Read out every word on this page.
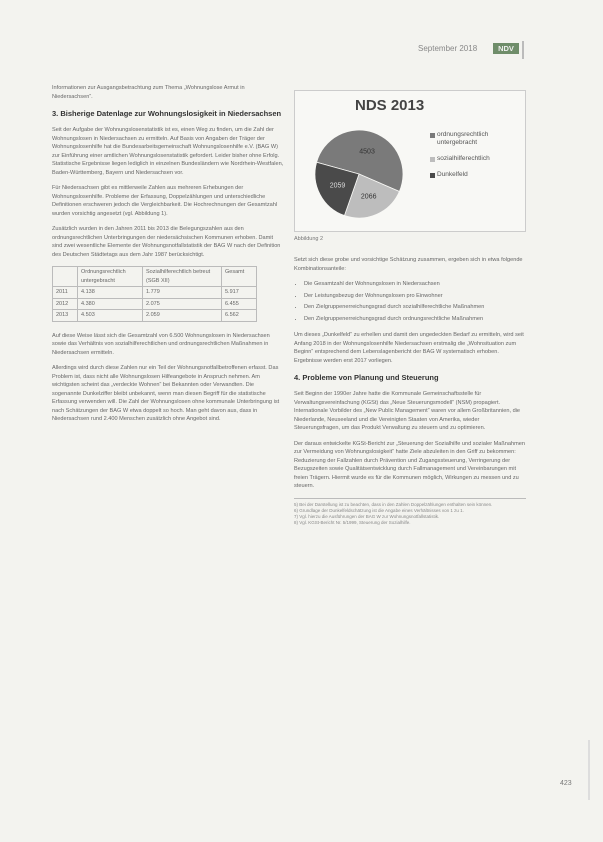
September 2018	NDV

Informationen zur Ausgangsbetrachtung zum Thema „Wohnungslose Armut in Niedersachsen“.

3. Bisherige Datenlage zur Wohnungslosigkeit in Niedersachsen

Seit der Aufgabe der Wohnungslosenstatistik ist es, einen Weg zu finden, um die Zahl der Wohnungslosen in Niedersachsen zu ermitteln. Auf Basis von Angaben der Träger der Wohnungslosenhilfe hat die Bundesarbeitsgemeinschaft Wohnungslosenhilfe e.V. (BAG W) zur Einführung einer amtlichen Wohnungslosenstatistik gefordert. Leider bisher ohne Erfolg. Statistische Ergebnisse liegen lediglich in einzelnen Bundesländern wie Nordrhein-Westfalen, Baden-Württemberg, Bayern und Niedersachsen vor.

Für Niedersachsen gibt es mittlerweile Zahlen aus mehreren Erhebungen der Wohnungslosenhilfe. Probleme der Erfassung, Doppelzählungen und unterschiedliche Definitionen erschweren jedoch die Vergleichbarkeit. Die Hochrechnungen der Gesamtzahl wurden vorsichtig angesetzt (vgl. Abbildung 1).

Zusätzlich wurden in den Jahren 2011 bis 2013 die Belegungszahlen aus den ordnungsrechtlichen Unterbringungen der niedersächsischen Kommunen erhoben. Damit sind zwei wesentliche Elemente der Wohnungsnotfallstatistik der BAG W nach der Definition des Deutschen Städtetags aus dem Jahr 1987 berücksichtigt.

	Ordnungsrechtlich untergebracht	Sozialhilferechtlich betreut (SGB XII)	Gesamt
2011	4.138	1.779	5.917
2012	4.380	2.075	6.455
2013	4.503	2.059	6.562

Auf diese Weise lässt sich die Gesamtzahl von 6.500 Wohnungslosen in Niedersachsen sowie das Verhältnis von sozialhilferechtlichen und ordnungsrechtlichen Maßnahmen in Niedersachsen ermitteln.

Allerdings wird durch diese Zahlen nur ein Teil der Wohnungsnotfallbetroffenen erfasst. Das Problem ist, dass nicht alle Wohnungslosen Hilfeangebote in Anspruch nehmen. Am wichtigsten scheint das „verdeckte Wohnen“ bei Bekannten oder Verwandten. Die sogenannte Dunkelziffer bleibt unbekannt, wenn man diesen Begriff für die statistische Erfassung verwenden will. Die Zahl der Wohnungslosen ohne kommunale Unterbringung ist nach Schätzungen der BAG W etwa doppelt so hoch. Man geht davon aus, dass in Niedersachsen rund 2.400 Menschen zusätzlich ohne Angebot sind.

NDS 2013
4503
2066
2059
ordnungsrechtlich untergebracht
sozialhilferechtlich
Dunkelfeld
Abbildung 2

Setzt sich diese grobe und vorsichtige Schätzung zusammen, ergeben sich in etwa folgende Kombinationsanteile:

• Die Gesamtzahl der Wohnungslosen in Niedersachsen
• Der Leistungsbezug der Wohnungslosen pro Einwohner
• Den Zielgruppenerreichungsgrad durch sozialhilferechtliche Maßnahmen
• Den Zielgruppenerreichungsgrad durch ordnungsrechtliche Maßnahmen

Um dieses „Dunkelfeld“ zu erhellen und damit den ungedeckten Bedarf zu ermitteln, wird seit Anfang 2018 in der Wohnungslosenhilfe Niedersachsen erstmalig die „Wohnsituation zum Beginn“ entsprechend dem Lebenslagenbericht der BAG W systematisch erhoben. Ergebnisse werden erst 2017 vorliegen.

4. Probleme von Planung und Steuerung

Seit Beginn der 1990er Jahre hatte die Kommunale Gemeinschaftsstelle für Verwaltungsvereinfachung (KGSt) das „Neue Steuerungsmodell“ (NSM) propagiert. Internationale Vorbilder des „New Public Management“ waren vor allem Großbritannien, die Niederlande, Neuseeland und die Vereinigten Staaten von Amerika, wieder Steuerungsfragen, um das Produkt Verwaltung zu steuern und zu optimieren.

Der daraus entwickelte KGSt-Bericht zur „Steuerung der Sozialhilfe und sozialer Maßnahmen zur Vermeidung von Wohnungslosigkeit“ hatte Ziele abzuleiten in den Griff zu bekommen: Reduzierung der Fallzahlen durch Prävention und Zugangssteuerung, Verringerung der Bezugszeiten sowie Qualitätsentwicklung durch Fallmanagement und Vereinbarungen mit freien Trägern. Hiermit wurde es für die Kommunen möglich, Wirkungen zu messen und zu steuern.

5) Bei der Darstellung ist zu beachten, dass in den Zahlen Doppelzählungen enthalten sein können.
6) Grundlage der Dunkelfeldschätzung ist die Angabe eines Verhältnisses von 1 zu 1.
7) Vgl. hierzu die Ausführungen der BAG W zur Wohnungsnotfallstatistik.
8) Vgl. KGSt-Bericht Nr. 5/1999, Steuerung der Sozialhilfe.
423
